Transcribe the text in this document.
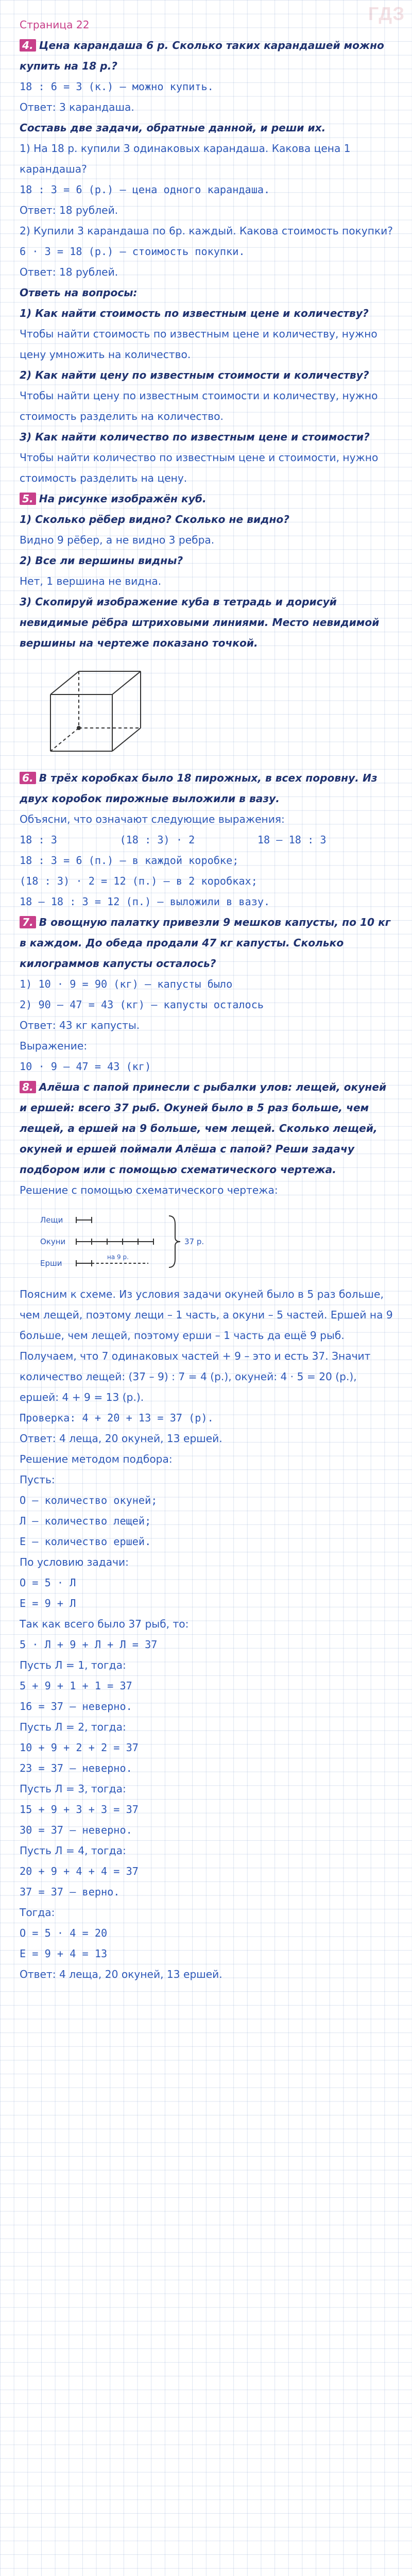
ГДЗ

Страница 22

4. Цена карандаша 6 р. Сколько таких карандашей можно купить на 18 р.?

18 : 6 = 3 (к.) – можно купить.

Ответ: 3 карандаша.

Составь две задачи, обратные данной, и реши их.

1) На 18 р. купили 3 одинаковых карандаша. Какова цена 1 карандаша?

18 : 3 = 6 (р.) – цена одного карандаша.

Ответ: 18 рублей.

2) Купили 3 карандаша по 6р. каждый. Какова стоимость покупки?

6 ⋅ 3 = 18 (р.) – стоимость покупки.

Ответ: 18 рублей.

Ответь на вопросы:

1) Как найти стоимость по известным цене и количеству?

Чтобы найти стоимость по известным цене и количеству, нужно цену умножить на количество.

2) Как найти цену по известным стоимости и количеству?

Чтобы найти цену по известным стоимости и количеству, нужно стоимость разделить на количество.

3) Как найти количество по известным цене и стоимости?

Чтобы найти количество по известным цене и стоимости, нужно стоимость разделить на цену.

5. На рисунке изображён куб.

1) Сколько рёбер видно? Сколько не видно?

Видно 9 рёбер, а не видно 3 ребра.

2) Все ли вершины видны?

Нет, 1 вершина не видна.

3) Скопируй изображение куба в тетрадь и дорисуй невидимые рёбра штриховыми линиями. Место невидимой вершины на чертеже показано точкой.

6. В трёх коробках было 18 пирожных, в всех поровну. Из двух коробок пирожные выложили в вазу.

Объясни, что означают следующие выражения:

18 : 3          (18 : 3) ⋅ 2          18 – 18 : 3

18 : 3 = 6 (п.) – в каждой коробке;

(18 : 3) ⋅ 2 = 12 (п.) – в 2 коробках;

18 – 18 : 3 = 12 (п.) – выложили в вазу.

7. В овощную палатку привезли 9 мешков капусты, по 10 кг в каждом. До обеда продали 47 кг капусты. Сколько килограммов капусты осталось?

1) 10 ⋅ 9 = 90 (кг) – капусты было

2) 90 – 47 = 43 (кг) – капусты осталось

Ответ: 43 кг капусты.

Выражение:

10 ⋅ 9 – 47 = 43 (кг)

8. Алёша с папой принесли с рыбалки улов: лещей, окуней и ершей: всего 37 рыб. Окуней было в 5 раз больше, чем лещей, а ершей на 9 больше, чем лещей. Сколько лещей, окуней и ершей поймали Алёша с папой? Реши задачу подбором или с помощью схематического чертежа.

Решение с помощью схематического чертежа:

Лещи
Окуни
Ерши
на 9 р.
37 р.

Поясним к схеме. Из условия задачи окуней было в 5 раз больше, чем лещей, поэтому лещи – 1 часть, а окуни – 5 частей. Ершей на 9 больше, чем лещей, поэтому ерши – 1 часть да ещё 9 рыб.

Получаем, что 7 одинаковых частей + 9 – это и есть 37. Значит количество лещей: (37 – 9) : 7 = 4 (р.), окуней: 4 ⋅ 5 = 20 (р.), ершей: 4 + 9 = 13 (р.).

Проверка: 4 + 20 + 13 = 37 (р).

Ответ: 4 леща, 20 окуней, 13 ершей.

Решение методом подбора:

Пусть:

О – количество окуней;

Л – количество лещей;

Е – количество ершей.

По условию задачи:

О = 5 ⋅ Л

Е = 9 + Л

Так как всего было 37 рыб, то:

5 ⋅ Л + 9 + Л + Л = 37

Пусть Л = 1, тогда:

5 + 9 + 1 + 1 = 37

16 = 37 – неверно.

Пусть Л = 2, тогда:

10 + 9 + 2 + 2 = 37

23 = 37 – неверно.

Пусть Л = 3, тогда:

15 + 9 + 3 + 3 = 37

30 = 37 – неверно.

Пусть Л = 4, тогда:

20 + 9 + 4 + 4 = 37

37 = 37 – верно.

Тогда:

О = 5 ⋅ 4 = 20

Е = 9 + 4 = 13

Ответ: 4 леща, 20 окуней, 13 ершей.
